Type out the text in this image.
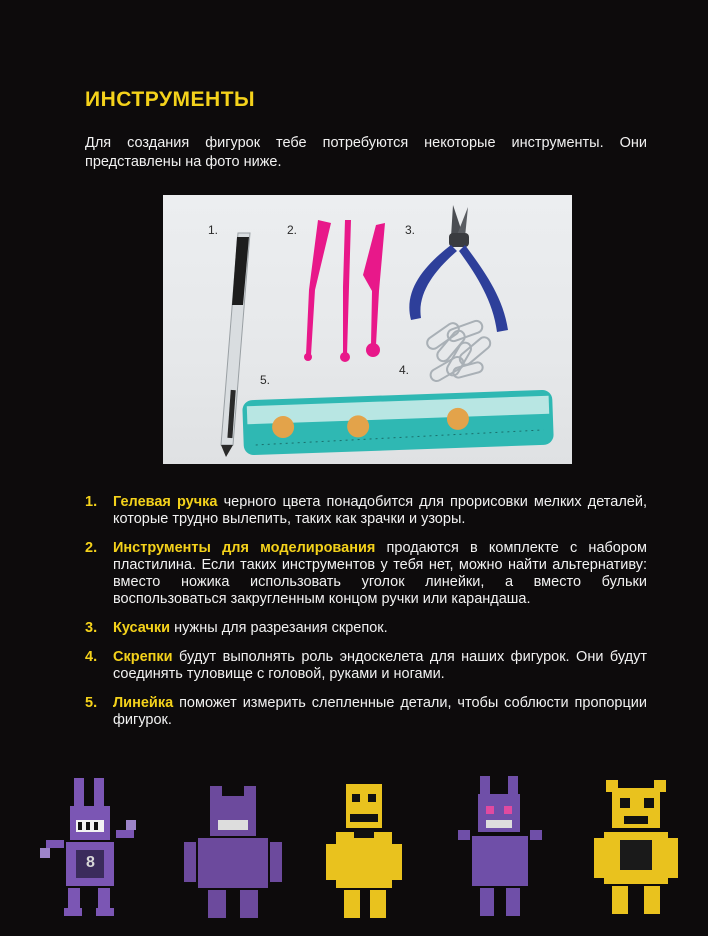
ИНСТРУМЕНТЫ
Для создания фигурок тебе потребуются некоторые инструменты. Они представлены на фото ниже.
1.	2.	3.
4.
5.
1. Гелевая ручка черного цвета понадобится для прорисовки мелких деталей, которые трудно вылепить, таких как зрачки и узоры.
2. Инструменты для моделирования продаются в комплекте с набором пластилина. Если таких инструментов у тебя нет, можно найти альтернативу: вместо ножика использовать уголок линейки, а вместо бульки воспользоваться закругленным концом ручки или карандаша.
3. Кусачки нужны для разрезания скрепок.
4. Скрепки будут выполнять роль эндоскелета для наших фигурок. Они будут соединять туловище с головой, руками и ногами.
5. Линейка поможет измерить слепленные детали, чтобы соблюсти пропорции фигурок.
8
